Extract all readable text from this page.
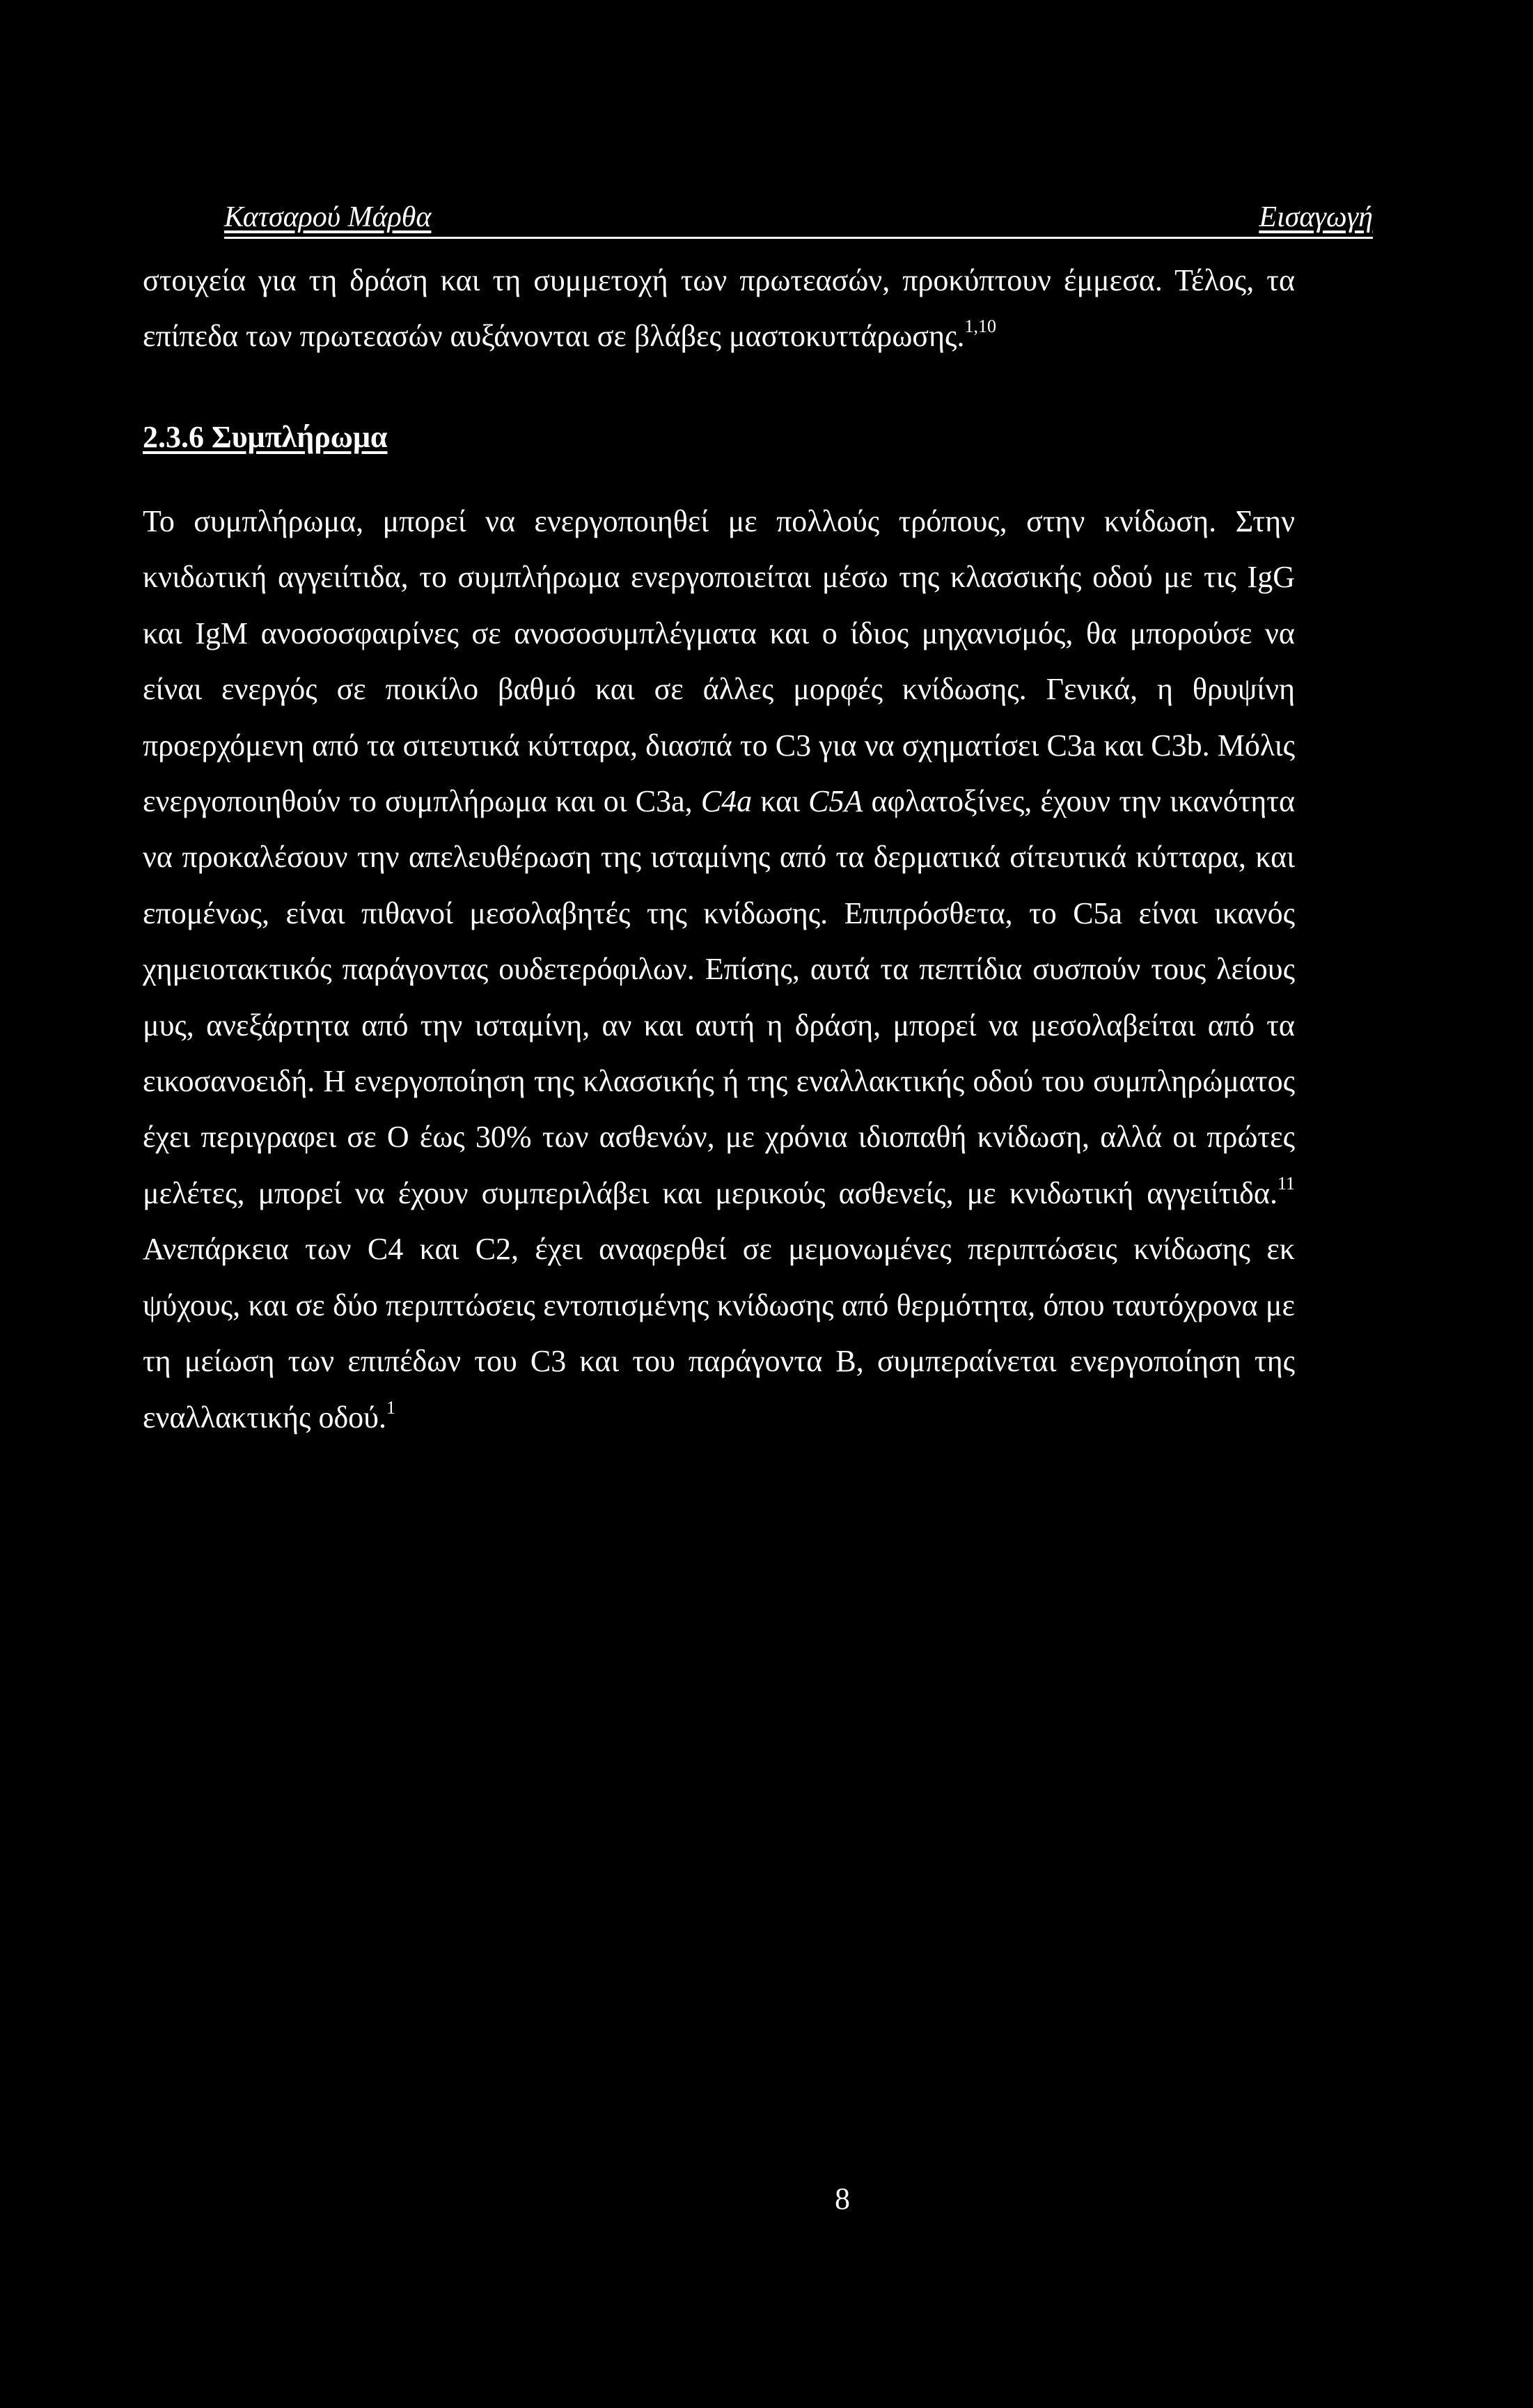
Κατσαρού Μάρθα	Εισαγωγή
στοιχεία για τη δράση και τη συμμετοχή των πρωτεασών, προκύπτουν έμμεσα. Τέλος, τα επίπεδα των πρωτεασών αυξάνονται σε βλάβες μαστοκυττάρωσης.$^{1,10}$
2.3.6 Συμπλήρωμα
Το συμπλήρωμα, μπορεί να ενεργοποιηθεί με πολλούς τρόπους, στην κνίδωση. Στην κνιδωτική αγγειίτιδα, το συμπλήρωμα ενεργοποιείται μέσω της κλασσικής οδού με τις IgG και IgM ανοσοσφαιρίνες σε ανοσοσυμπλέγματα και ο ίδιος μηχανισμός, θα μπορούσε να είναι ενεργός σε ποικίλο βαθμό και σε άλλες μορφές κνίδωσης. Γενικά, η θρυψίνη προερχόμενη από τα σιτευτικά κύτταρα, διασπά το C3 για να σχηματίσει C3a και C3b. Μόλις ενεργοποιηθούν το συμπλήρωμα και οι C3a, C4a και C5A αφλατοξίνες, έχουν την ικανότητα να προκαλέσουν την απελευθέρωση της ισταμίνης από τα δερματικά σίτευτικά κύτταρα, και επομένως, είναι πιθανοί μεσολαβητές της κνίδωσης. Επιπρόσθετα, το C5a είναι ικανός χημειοτακτικός παράγοντας ουδετερόφιλων. Επίσης, αυτά τα πεπτίδια συσπούν τους λείους μυς, ανεξάρτητα από την ισταμίνη, αν και αυτή η δράση, μπορεί να μεσολαβείται από τα εικοσανοειδή. Η ενεργοποίηση της κλασσικής ή της εναλλακτικής οδού του συμπληρώματος έχει περιγραφει σε Ο έως 30% των ασθενών, με χρόνια ιδιοπαθή κνίδωση, αλλά οι πρώτες μελέτες, μπορεί να έχουν συμπεριλάβει και μερικούς ασθενείς, με κνιδωτική αγγειίτιδα.$^{11}$ Ανεπάρκεια των C4 και C2, έχει αναφερθεί σε μεμονωμένες περιπτώσεις κνίδωσης εκ ψύχους, και σε δύο περιπτώσεις εντοπισμένης κνίδωσης από θερμότητα, όπου ταυτόχρονα με τη μείωση των επιπέδων του C3 και του παράγοντα Β, συμπεραίνεται ενεργοποίηση της εναλλακτικής οδού.$^1$
8
